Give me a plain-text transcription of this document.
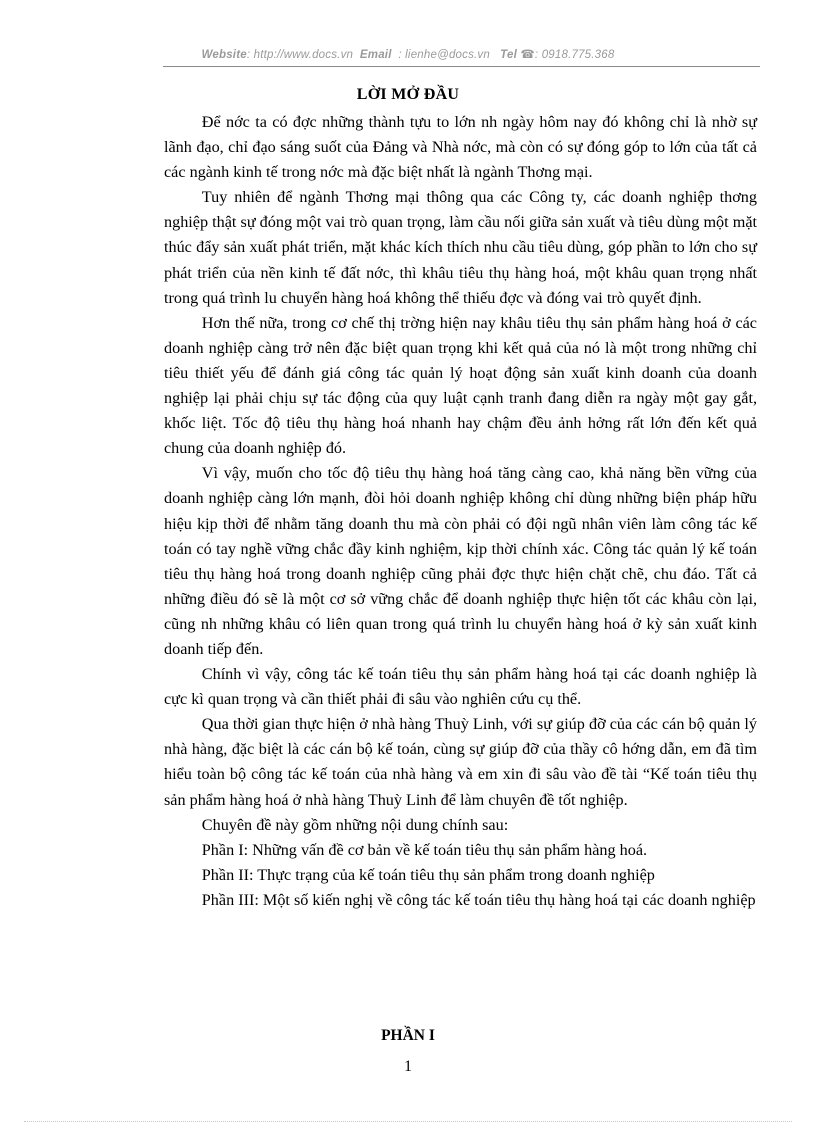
Website: http://www.docs.vn Email : lienhe@docs.vn Tel ☎: 0918.775.368
LỜI MỞ ĐẦU

Để nớc ta có đợc những thành tựu to lớn nh ngày hôm nay đó không chỉ là nhờ sự lãnh đạo, chỉ đạo sáng suốt của Đảng và Nhà nớc, mà còn có sự đóng góp to lớn của tất cả các ngành kinh tế trong nớc mà đặc biệt nhất là ngành Thơng mại.

Tuy nhiên để ngành Thơng mại thông qua các Công ty, các doanh nghiệp thơng nghiệp thật sự đóng một vai trò quan trọng, làm cầu nối giữa sản xuất và tiêu dùng một mặt thúc đẩy sản xuất phát triển, mặt khác kích thích nhu cầu tiêu dùng, góp phần to lớn cho sự phát triển của nền kinh tế đất nớc, thì khâu tiêu thụ hàng hoá, một khâu quan trọng nhất trong quá trình lu chuyển hàng hoá không thể thiếu đợc và đóng vai trò quyết định.

Hơn thế nữa, trong cơ chế thị trờng hiện nay khâu tiêu thụ sản phẩm hàng hoá ở các doanh nghiệp càng trở nên đặc biệt quan trọng khi kết quả của nó là một trong những chỉ tiêu thiết yếu để đánh giá công tác quản lý hoạt động sản xuất kinh doanh của doanh nghiệp lại phải chịu sự tác động của quy luật cạnh tranh đang diễn ra ngày một gay gắt, khốc liệt. Tốc độ tiêu thụ hàng hoá nhanh hay chậm đều ảnh hởng rất lớn đến kết quả chung của doanh nghiệp đó.

Vì vậy, muốn cho tốc độ tiêu thụ hàng hoá tăng càng cao, khả năng bền vững của doanh nghiệp càng lớn mạnh, đòi hỏi doanh nghiệp không chỉ dùng những biện pháp hữu hiệu kịp thời để nhằm tăng doanh thu mà còn phải có đội ngũ nhân viên làm công tác kế toán có tay nghề vững chắc đầy kinh nghiệm, kịp thời chính xác. Công tác quản lý kế toán tiêu thụ hàng hoá trong doanh nghiệp cũng phải đợc thực hiện chặt chẽ, chu đáo. Tất cả những điều đó sẽ là một cơ sở vững chắc để doanh nghiệp thực hiện tốt các khâu còn lại, cũng nh những khâu có liên quan trong quá trình lu chuyển hàng hoá ở kỳ sản xuất kinh doanh tiếp đến.

Chính vì vậy, công tác kế toán tiêu thụ sản phẩm hàng hoá tại các doanh nghiệp là cực kì quan trọng và cần thiết phải đi sâu vào nghiên cứu cụ thể.

Qua thời gian thực hiện ở nhà hàng Thuỳ Linh, với sự giúp đỡ của các cán bộ quản lý nhà hàng, đặc biệt là các cán bộ kế toán, cùng sự giúp đỡ của thầy cô hớng dẫn, em đã tìm hiểu toàn bộ công tác kế toán của nhà hàng và em xin đi sâu vào đề tài “Kế toán tiêu thụ sản phẩm hàng hoá ở nhà hàng Thuỳ Linh để làm chuyên đề tốt nghiệp.

Chuyên đề này gồm những nội dung chính sau:

Phần I: Những vấn đề cơ bản về kế toán tiêu thụ sản phẩm hàng hoá.

Phần II: Thực trạng của kế toán tiêu thụ sản phẩm trong doanh nghiệp

Phần III: Một số kiến nghị về công tác kế toán tiêu thụ hàng hoá tại các doanh nghiệp

PHẦN I
1
